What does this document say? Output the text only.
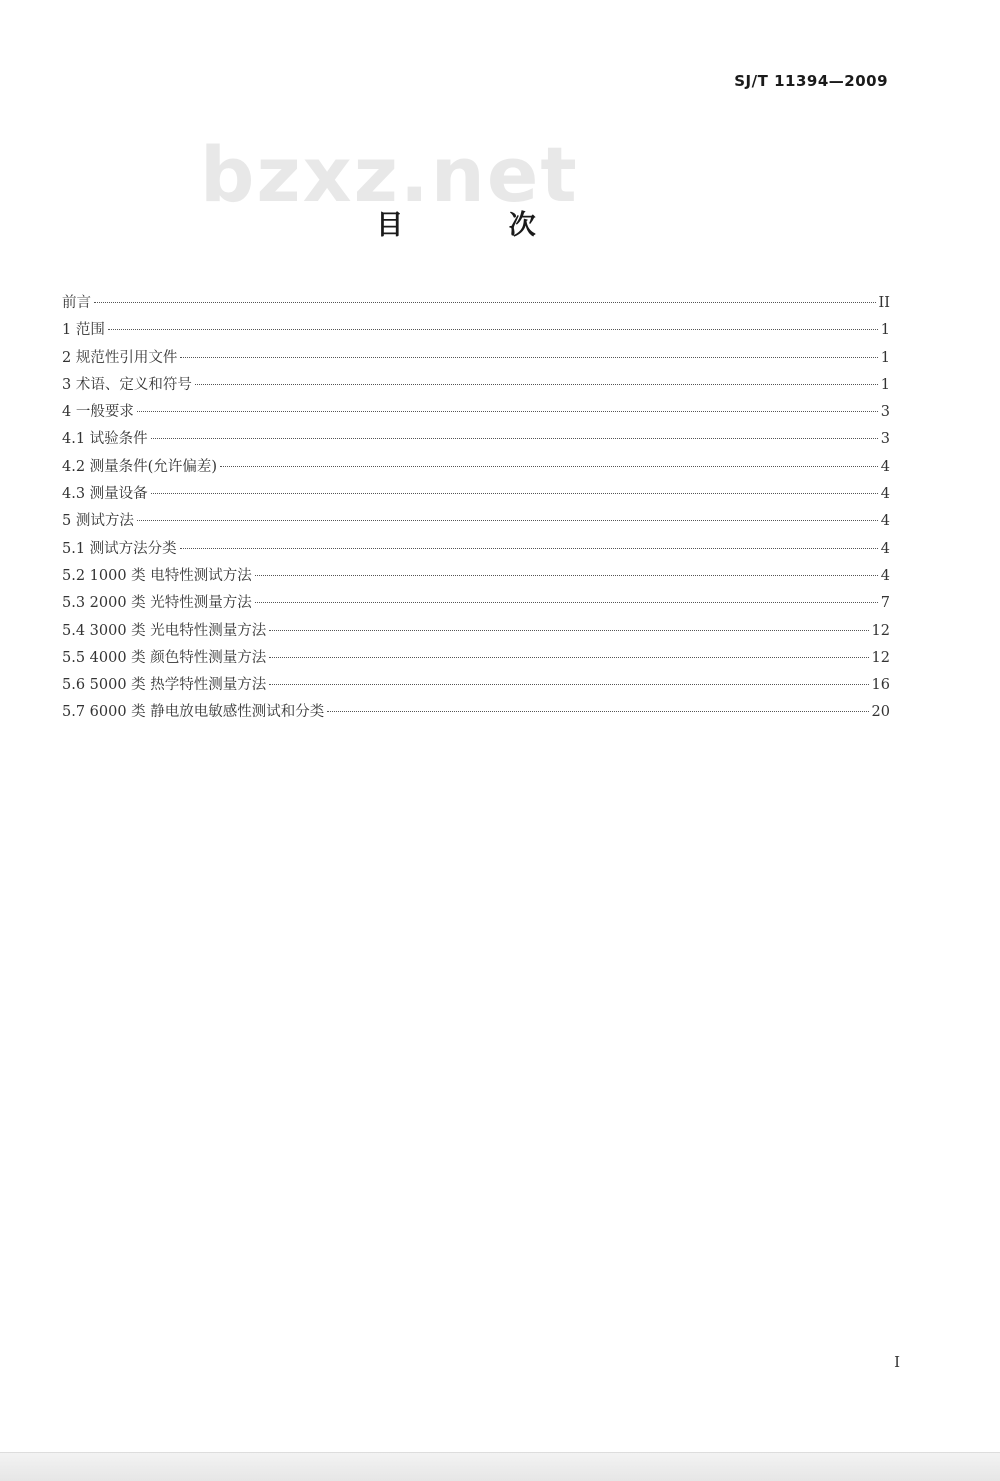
SJ/T 11394—2009
bzxz.net
目 次
前言	II
1 范围	1
2 规范性引用文件	1
3 术语、定义和符号	1
4 一般要求	3
4.1 试验条件	3
4.2 测量条件(允许偏差)	4
4.3 测量设备	4
5 测试方法	4
5.1 测试方法分类	4
5.2 1000 类 电特性测试方法	4
5.3 2000 类 光特性测量方法	7
5.4 3000 类 光电特性测量方法	12
5.5 4000 类 颜色特性测量方法	12
5.6 5000 类 热学特性测量方法	16
5.7 6000 类 静电放电敏感性测试和分类	20
I
